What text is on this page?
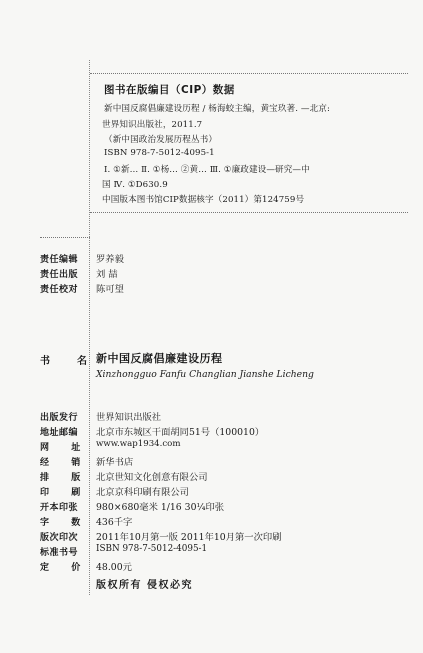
图书在版编目（CIP）数据
新中国反腐倡廉建设历程 / 杨海蛟主编，黄宝玖著. —北京:
世界知识出版社，2011.7
（新中国政治发展历程丛书）
ISBN 978-7-5012-4095-1
Ⅰ. ①新… Ⅱ. ①杨… ②黄… Ⅲ. ①廉政建设—研究—中
国 Ⅳ. ①D630.9
中国版本图书馆CIP数据核字（2011）第124759号
责任编辑 罗养毅
责任出版 刘 喆
责任校对 陈可望
书名
新中国反腐倡廉建设历程
Xinzhongguo Fanfu Changlian Jianshe Licheng
出版发行 世界知识出版社
地址邮编 北京市东城区干面胡同51号（100010）
网      址 www.wap1934.com
经      销 新华书店
排      版 北京世知文化创意有限公司
印      刷 北京京科印刷有限公司
开本印张 980×680毫米 1/16 30¼印张
字      数 436千字
版次印次 2011年10月第一版 2011年10月第一次印刷
标准书号 ISBN 978-7-5012-4095-1
定      价 48.00元
版权所有 侵权必究
